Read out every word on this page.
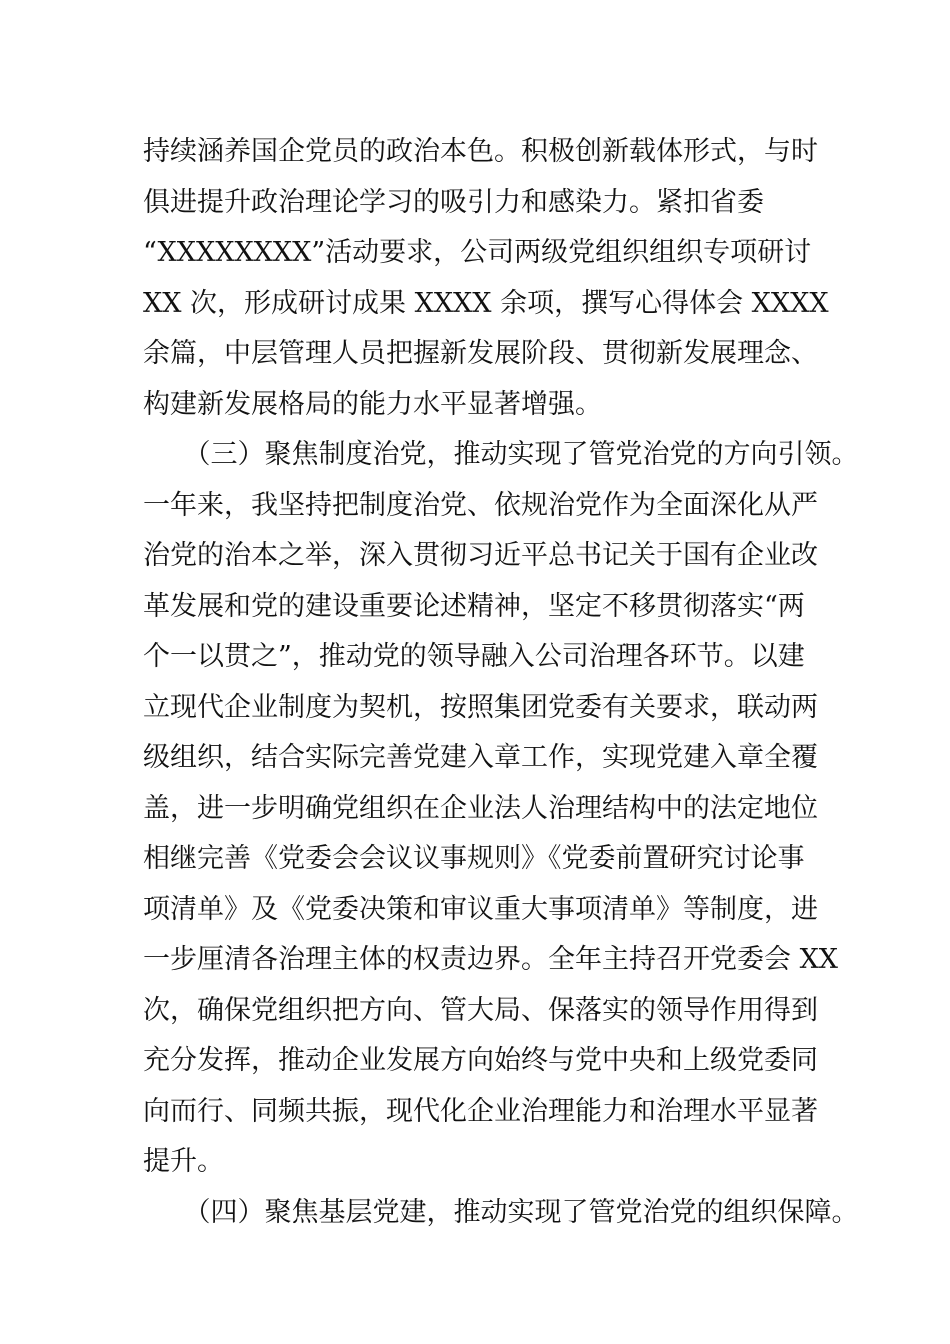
持续涵养国企党员的政治本色。积极创新载体形式，与时
俱进提升政治理论学习的吸引力和感染力。紧扣省委
“XXXXXXXX”活动要求，公司两级党组织组织专项研讨
XX 次，形成研讨成果 XXXX 余项，撰写心得体会 XXXX
余篇，中层管理人员把握新发展阶段、贯彻新发展理念、
构建新发展格局的能力水平显著增强。
　　（三）聚焦制度治党，推动实现了管党治党的方向引领。
一年来，我坚持把制度治党、依规治党作为全面深化从严
治党的治本之举，深入贯彻习近平总书记关于国有企业改
革发展和党的建设重要论述精神，坚定不移贯彻落实“两
个一以贯之”，推动党的领导融入公司治理各环节。以建
立现代企业制度为契机，按照集团党委有关要求，联动两
级组织，结合实际完善党建入章工作，实现党建入章全覆
盖，进一步明确党组织在企业法人治理结构中的法定地位
相继完善《党委会会议议事规则》《党委前置研究讨论事
项清单》及《党委决策和审议重大事项清单》等制度，进
一步厘清各治理主体的权责边界。全年主持召开党委会 XX
次，确保党组织把方向、管大局、保落实的领导作用得到
充分发挥，推动企业发展方向始终与党中央和上级党委同
向而行、同频共振，现代化企业治理能力和治理水平显著
提升。
　　（四）聚焦基层党建，推动实现了管党治党的组织保障。
